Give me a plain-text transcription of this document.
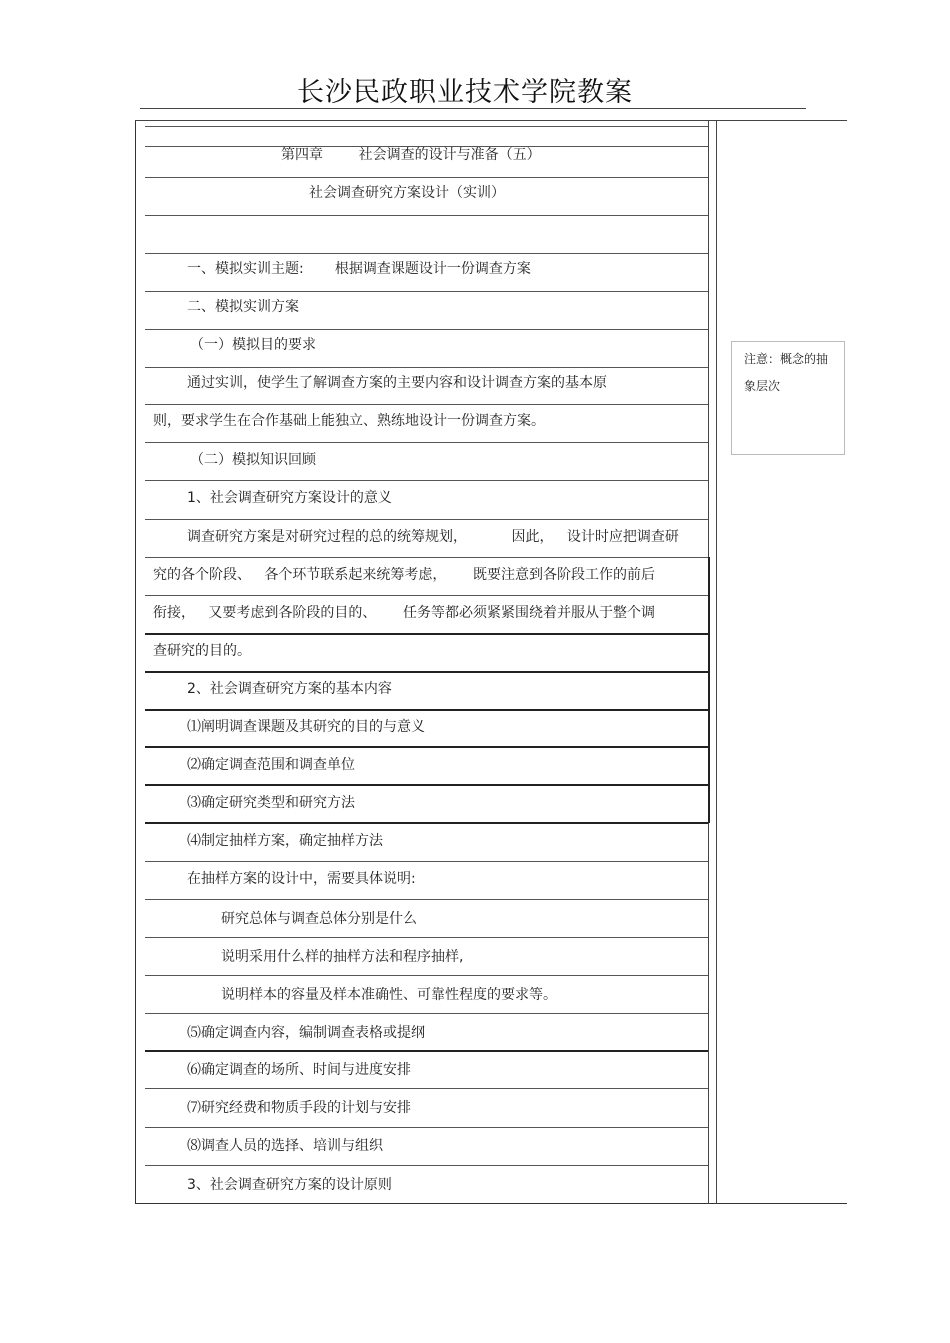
长沙民政职业技术学院教案
第四章        社会调查的设计与准备（五）
社会调查研究方案设计（实训）
一、模拟实训主题:       根据调查课题设计一份调查方案
二、模拟实训方案
（一）模拟目的要求
通过实训，使学生了解调查方案的主要内容和设计调查方案的基本原
则，要求学生在合作基础上能独立、熟练地设计一份调查方案。
（二）模拟知识回顾
1、社会调查研究方案设计的意义
调查研究方案是对研究过程的总的统筹规划，          因此，   设计时应把调查研
究的各个阶段、   各个环节联系起来统筹考虑，      既要注意到各阶段工作的前后
衔接，   又要考虑到各阶段的目的、      任务等都必须紧紧围绕着并服从于整个调
查研究的目的。
2、社会调查研究方案的基本内容
⑴阐明调查课题及其研究的目的与意义
⑵确定调查范围和调查单位
⑶确定研究类型和研究方法
⑷制定抽样方案，确定抽样方法
在抽样方案的设计中，需要具体说明:
研究总体与调查总体分别是什么
说明采用什么样的抽样方法和程序抽样,
说明样本的容量及样本准确性、可靠性程度的要求等。
⑸确定调查内容，编制调查表格或提纲
⑹确定调查的场所、时间与进度安排
⑺研究经费和物质手段的计划与安排
⑻调查人员的选择、培训与组织
3、社会调查研究方案的设计原则
注意：概念的抽象层次
